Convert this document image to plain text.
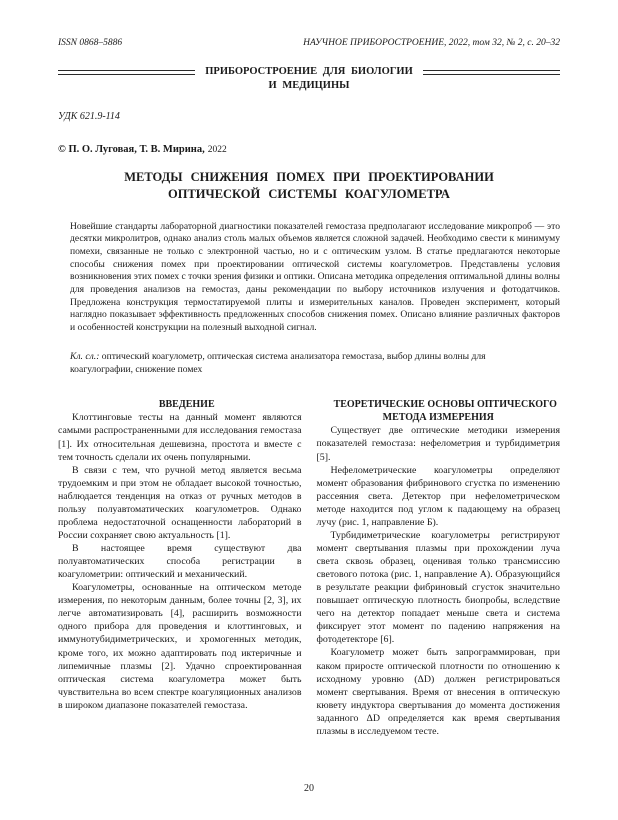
ISSN 0868–5886	НАУЧНОЕ ПРИБОРОСТРОЕНИЕ, 2022, том 32, № 2, с. 20–32
ПРИБОРОСТРОЕНИЕ ДЛЯ БИОЛОГИИ
И МЕДИЦИНЫ
УДК 621.9-114
© П. О. Луговая, Т. В. Мирина, 2022
МЕТОДЫ СНИЖЕНИЯ ПОМЕХ ПРИ ПРОЕКТИРОВАНИИ
ОПТИЧЕСКОЙ СИСТЕМЫ КОАГУЛОМЕТРА
Новейшие стандарты лабораторной диагностики показателей гемостаза предполагают исследование микропроб — это десятки микролитров, однако анализ столь малых объемов является сложной задачей. Необходимо свести к минимуму помехи, связанные не только с электронной частью, но и с оптическим узлом. В статье предлагаются некоторые способы снижения помех при проектировании оптической системы коагулометров. Представлены условия возникновения этих помех с точки зрения физики и оптики. Описана методика определения оптимальной длины волны для проведения анализов на гемостаз, даны рекомендации по выбору источников излучения и фотодатчиков. Предложена конструкция термостатируемой плиты и измерительных каналов. Проведен эксперимент, который наглядно показывает эффективность предложенных способов снижения помех. Описано влияние различных факторов и особенностей конструкции на полезный выходной сигнал.
Кл. сл.: оптический коагулометр, оптическая система анализатора гемостаза, выбор длины волны для коагулографии, снижение помех

ВВЕДЕНИЕ

Клоттинговые тесты на данный момент являются самыми распространенными для исследования гемостаза [1]. Их относительная дешевизна, простота и вместе с тем точность сделали их очень популярными.

В связи с тем, что ручной метод является весьма трудоемким и при этом не обладает высокой точностью, наблюдается тенденция на отказ от ручных методов в пользу полуавтоматических коагулометров. Однако проблема недостаточной оснащенности лабораторий в России сохраняет свою актуальность [1].

В настоящее время существуют два полуавтоматических способа регистрации в коагулометрии: оптический и механический.

Коагулометры, основанные на оптическом методе измерения, по некоторым данным, более точны [2, 3], их легче автоматизировать [4], расширить возможности одного прибора для проведения и клоттинговых, и иммунотубидиметрических, и хромогенных методик, кроме того, их можно адаптировать под иктеричные и липемичные плазмы [2]. Удачно спроектированная оптическая система коагулометра может быть чувствительна во всем спектре коагуляционных анализов в широком диапазоне показателей гемостаза.

ТЕОРЕТИЧЕСКИЕ ОСНОВЫ ОПТИЧЕСКОГО МЕТОДА ИЗМЕРЕНИЯ

Существует две оптические методики измерения показателей гемостаза: нефелометрия и турбидиметрия [5].

Нефелометрические коагулометры определяют момент образования фибринового сгустка по изменению рассеяния света. Детектор при нефелометрическом методе находится под углом к падающему на образец лучу (рис. 1, направление Б).

Турбидиметрические коагулометры регистрируют момент свертывания плазмы при прохождении луча света сквозь образец, оценивая только трансмиссию светового потока (рис. 1, направление А). Образующийся в результате реакции фибриновый сгусток значительно повышает оптическую плотность биопробы, вследствие чего на детектор попадает меньше света и система фиксирует этот момент по падению напряжения на фотодетекторе [6].

Коагулометр может быть запрограммирован, при каком приросте оптической плотности по отношению к исходному уровню (ΔD) должен регистрироваться момент свертывания. Время от внесения в оптическую кювету индуктора свертывания до момента достижения заданного ΔD определяется как время свертывания плазмы в исследуемом тесте.

20
